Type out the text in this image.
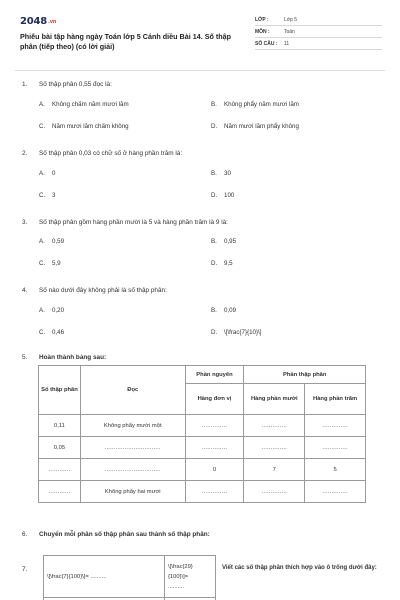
$2048^{.vn}$
Phiếu bài tập hàng ngày Toán lớp 5 Cánh diều Bài 14. Số thập phân (tiếp theo) (có lời giải)
LỚP :	Lớp 5
MÔN :	Toán
SỐ CÂU :	11
1.	Số thập phân 0,55 đọc là:
A. Không chấm năm mươi lăm	B. Không phẩy năm mươi lăm
C. Năm mươi lăm chấm không	D. Năm mươi lăm phẩy không
2.	Số thập phân 0,03 có chữ số ở hàng phần trăm là:
A. 0	B. 30
C. 3	D. 100
3.	Số thập phân gồm hàng phần mười là 5 và hàng phần trăm là 9 là:
A. 0,59	B. 0,95
C. 5,9	D. 9,5
4.	Số nào dưới đây không phải là số thập phân:
A. 0,20	B. 0,09
C. 0,46	D. \[\frac{7}{10}\]
5.	Hoàn thành bảng sau:
Số thập phân	Đọc	Phần nguyên	Phần thập phân	
		Hàng đơn vị	Hàng phần mười	Hàng phần trăm
0,11	Không phẩy mười một	..............	..............	..............
0,05	...............................	..............	..............	..............
............	...............................	0	7	5
............	Không phẩy hai mươi	..............	..............	..............
6.	Chuyển mỗi phân số thập phân sau thành số thập phân:
7.
\[\frac{7}{100}\]= ..........	\[\frac{29}
{100}\]=
..........

Viết các số thập phân thích hợp vào ô trống dưới đây:
